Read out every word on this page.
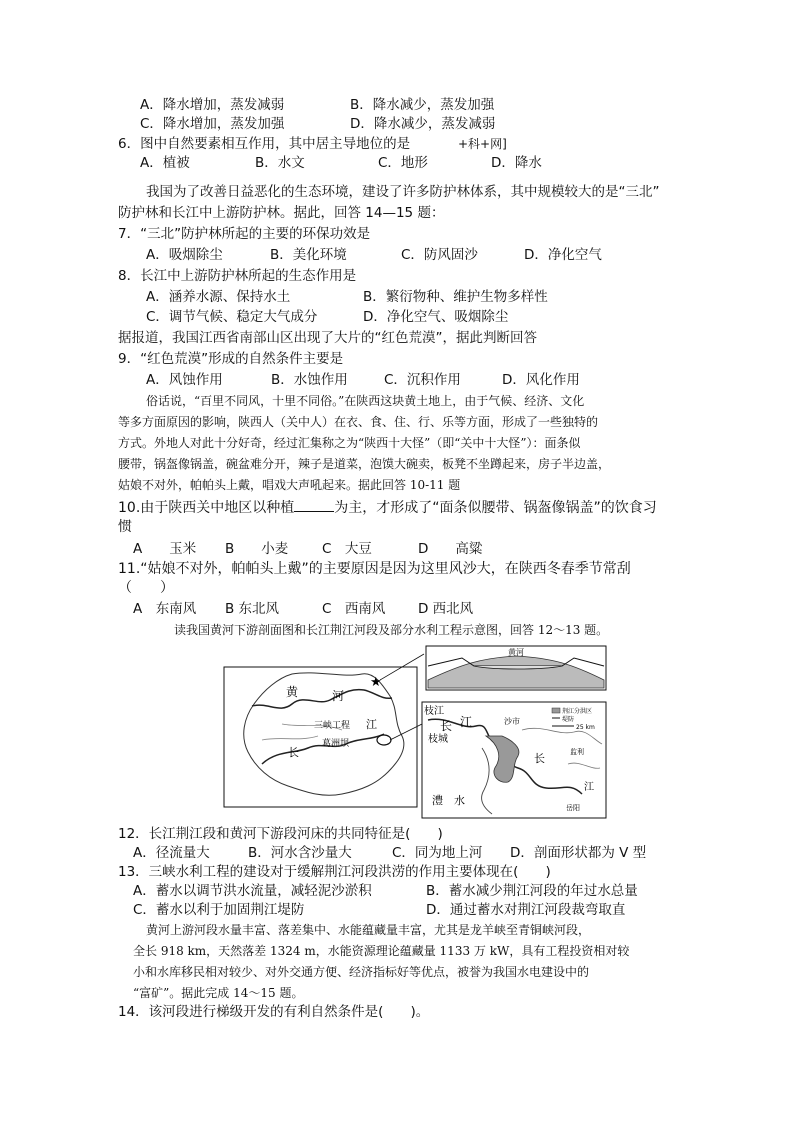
A．降水增加，蒸发减弱	B．降水减少，蒸发加强
C．降水增加，蒸发加强	D．降水减少，蒸发减弱
6．图中自然要素相互作用，其中居主导地位的是	+科+网]
A．植被	B．水文	C．地形	D．降水
我国为了改善日益恶化的生态环境，建设了许多防护林体系，其中规模较大的是“三北”
防护林和长江中上游防护林。据此，回答 14—15 题：
7．“三北”防护林所起的主要的环保功效是
A．吸烟除尘	B．美化环境	C．防风固沙	D．净化空气
8．长江中上游防护林所起的生态作用是
A．涵养水源、保持水土	B．繁衍物种、维护生物多样性
C．调节气候、稳定大气成分	D．净化空气、吸烟除尘
据报道，我国江西省南部山区出现了大片的“红色荒漠”，据此判断回答
9．“红色荒漠”形成的自然条件主要是
A．风蚀作用	B．水蚀作用	C．沉积作用	D．风化作用
俗话说，“百里不同风，十里不同俗。”在陕西这块黄土地上，由于气候、经济、文化
等多方面原因的影响，陕西人（关中人）在衣、食、住、行、乐等方面，形成了一些独特的
方式。外地人对此十分好奇，经过汇集称之为“陕西十大怪”（即“关中十大怪”）：面条似
腰带，锅盔像锅盖，碗盆难分开，辣子是道菜，泡馍大碗卖，板凳不坐蹲起来，房子半边盖，
姑娘不对外，帕帕头上戴，唱戏大声吼起来。据此回答 10-11 题
10.由于陕西关中地区以种植	为主，才形成了“面条似腰带、锅盔像锅盖”的饮食习
惯
A　　玉米 B　　小麦 C　大豆	D　　高粱
11.“姑娘不对外，帕帕头上戴”的主要原因是因为这里风沙大，在陕西冬春季节常刮
（　　）
A　东南风 B 东北风	C　西南风 D 西北风
读我国黄河下游剖面图和长江荆江河段及部分水利工程示意图，回答 12～13 题。
黄	河
三峡工程
葛洲坝
江
长
★
黄河
荆江分洪区
堤防
25 km
枝江
枝城
长 江	沙市
澧　水
长	监利
江
岳阳
12．长江荆江段和黄河下游段河床的共同特征是(　　)
A．径流量大	B．河水含沙量大	C．同为地上河 D．剖面形状都为 V 型
13．三峡水利工程的建设对于缓解荆江河段洪涝的作用主要体现在(　　)
A．蓄水以调节洪水流量，减轻泥沙淤积	B．蓄水减少荆江河段的年过水总量
C．蓄水以利于加固荆江堤防	D．通过蓄水对荆江河段裁弯取直
黄河上游河段水量丰富、落差集中、水能蕴藏量丰富，尤其是龙羊峡至青铜峡河段，
全长 918 km，天然落差 1324 m，水能资源理论蕴藏量 1133 万 kW，具有工程投资相对较
小和水库移民相对较少、对外交通方便、经济指标好等优点，被誉为我国水电建设中的
“富矿”。据此完成 14～15 题。
14．该河段进行梯级开发的有利自然条件是(　　)。
